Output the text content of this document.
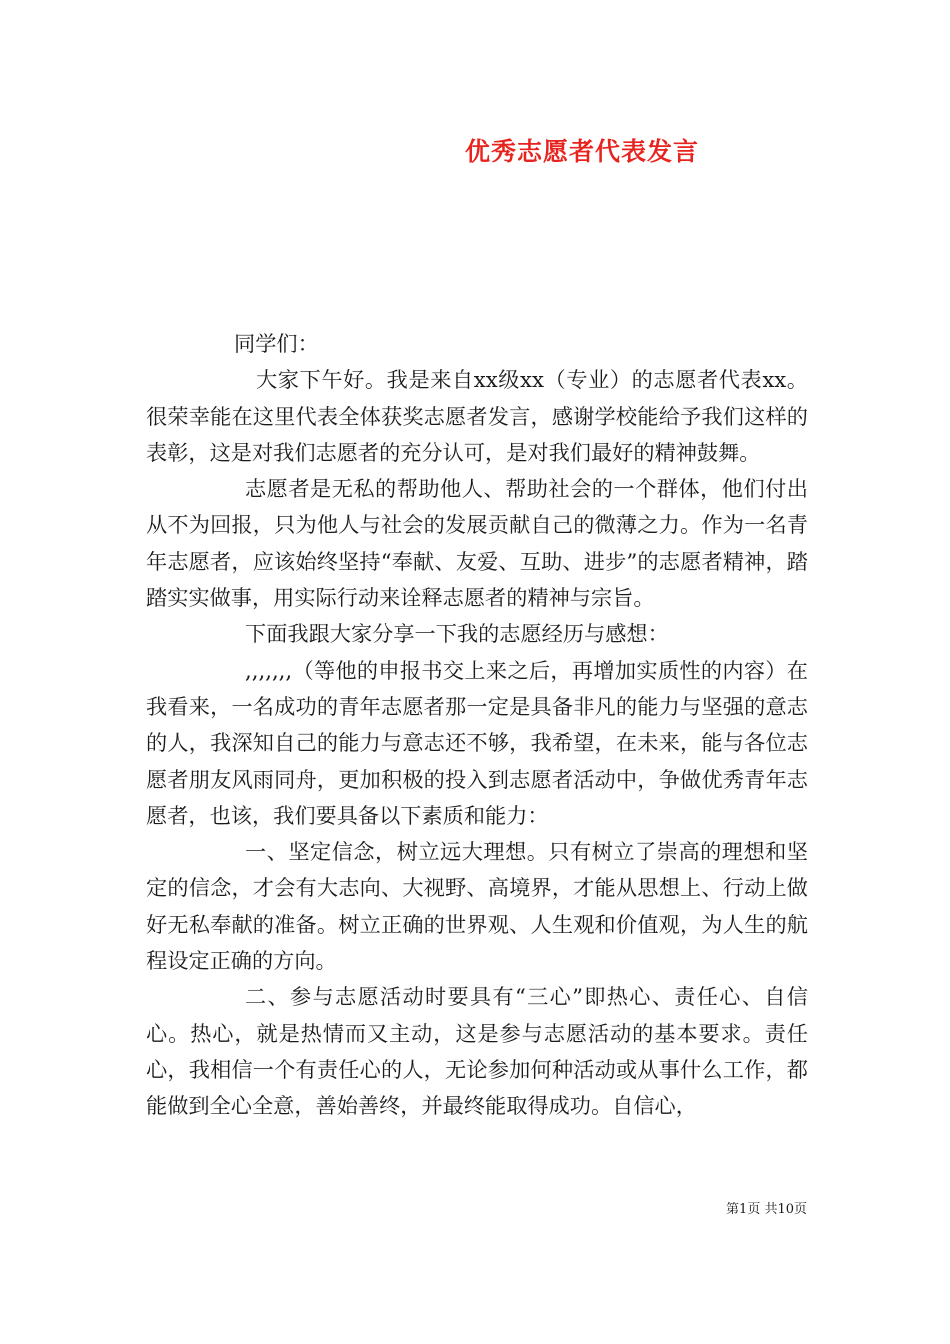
优秀志愿者代表发言

同学们：

大家下午好。我是来自xx级xx（专业）的志愿者代表xx。很荣幸能在这里代表全体获奖志愿者发言，感谢学校能给予我们这样的表彰，这是对我们志愿者的充分认可，是对我们最好的精神鼓舞。

志愿者是无私的帮助他人、帮助社会的一个群体，他们付出从不为回报，只为他人与社会的发展贡献自己的微薄之力。作为一名青年志愿者，应该始终坚持“奉献、友爱、互助、进步”的志愿者精神，踏踏实实做事，用实际行动来诠释志愿者的精神与宗旨。

下面我跟大家分享一下我的志愿经历与感想：

,,,,,,,（等他的申报书交上来之后，再增加实质性的内容）在我看来，一名成功的青年志愿者那一定是具备非凡的能力与坚强的意志的人，我深知自己的能力与意志还不够，我希望，在未来，能与各位志愿者朋友风雨同舟，更加积极的投入到志愿者活动中，争做优秀青年志愿者，也该，我们要具备以下素质和能力：

一、坚定信念，树立远大理想。只有树立了崇高的理想和坚定的信念，才会有大志向、大视野、高境界，才能从思想上、行动上做好无私奉献的准备。树立正确的世界观、人生观和价值观，为人生的航程设定正确的方向。

二、参与志愿活动时要具有“三心”即热心、责任心、自信心。热心，就是热情而又主动，这是参与志愿活动的基本要求。责任心，我相信一个有责任心的人，无论参加何种活动或从事什么工作，都能做到全心全意，善始善终，并最终能取得成功。自信心，

第1页 共10页
